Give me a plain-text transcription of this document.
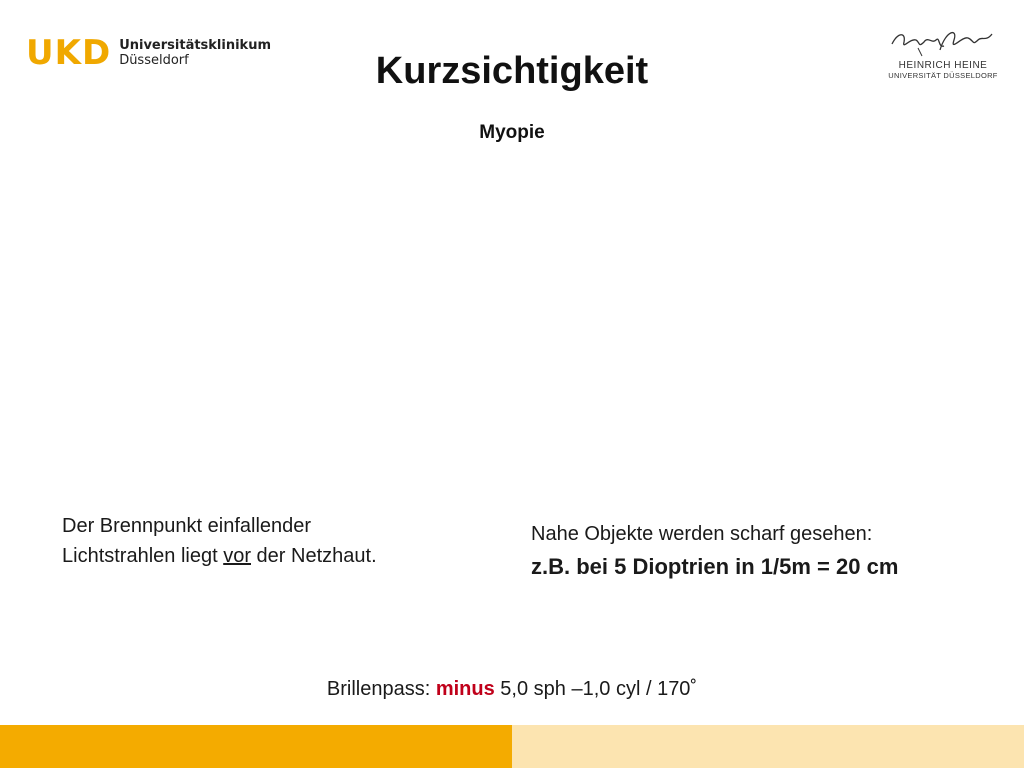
UKD Universitätsklinikum
Düsseldorf	HEINRICH HEINE
UNIVERSITÄT DÜSSELDORF
Kurzsichtigkeit
Myopie
Der Brennpunkt einfallender Lichtstrahlen liegt vor der Netzhaut.
Nahe Objekte werden scharf gesehen:
z.B. bei 5 Dioptrien in 1/5m = 20 cm
Brillenpass: minus 5,0 sph –1,0 cyl / 170˚
